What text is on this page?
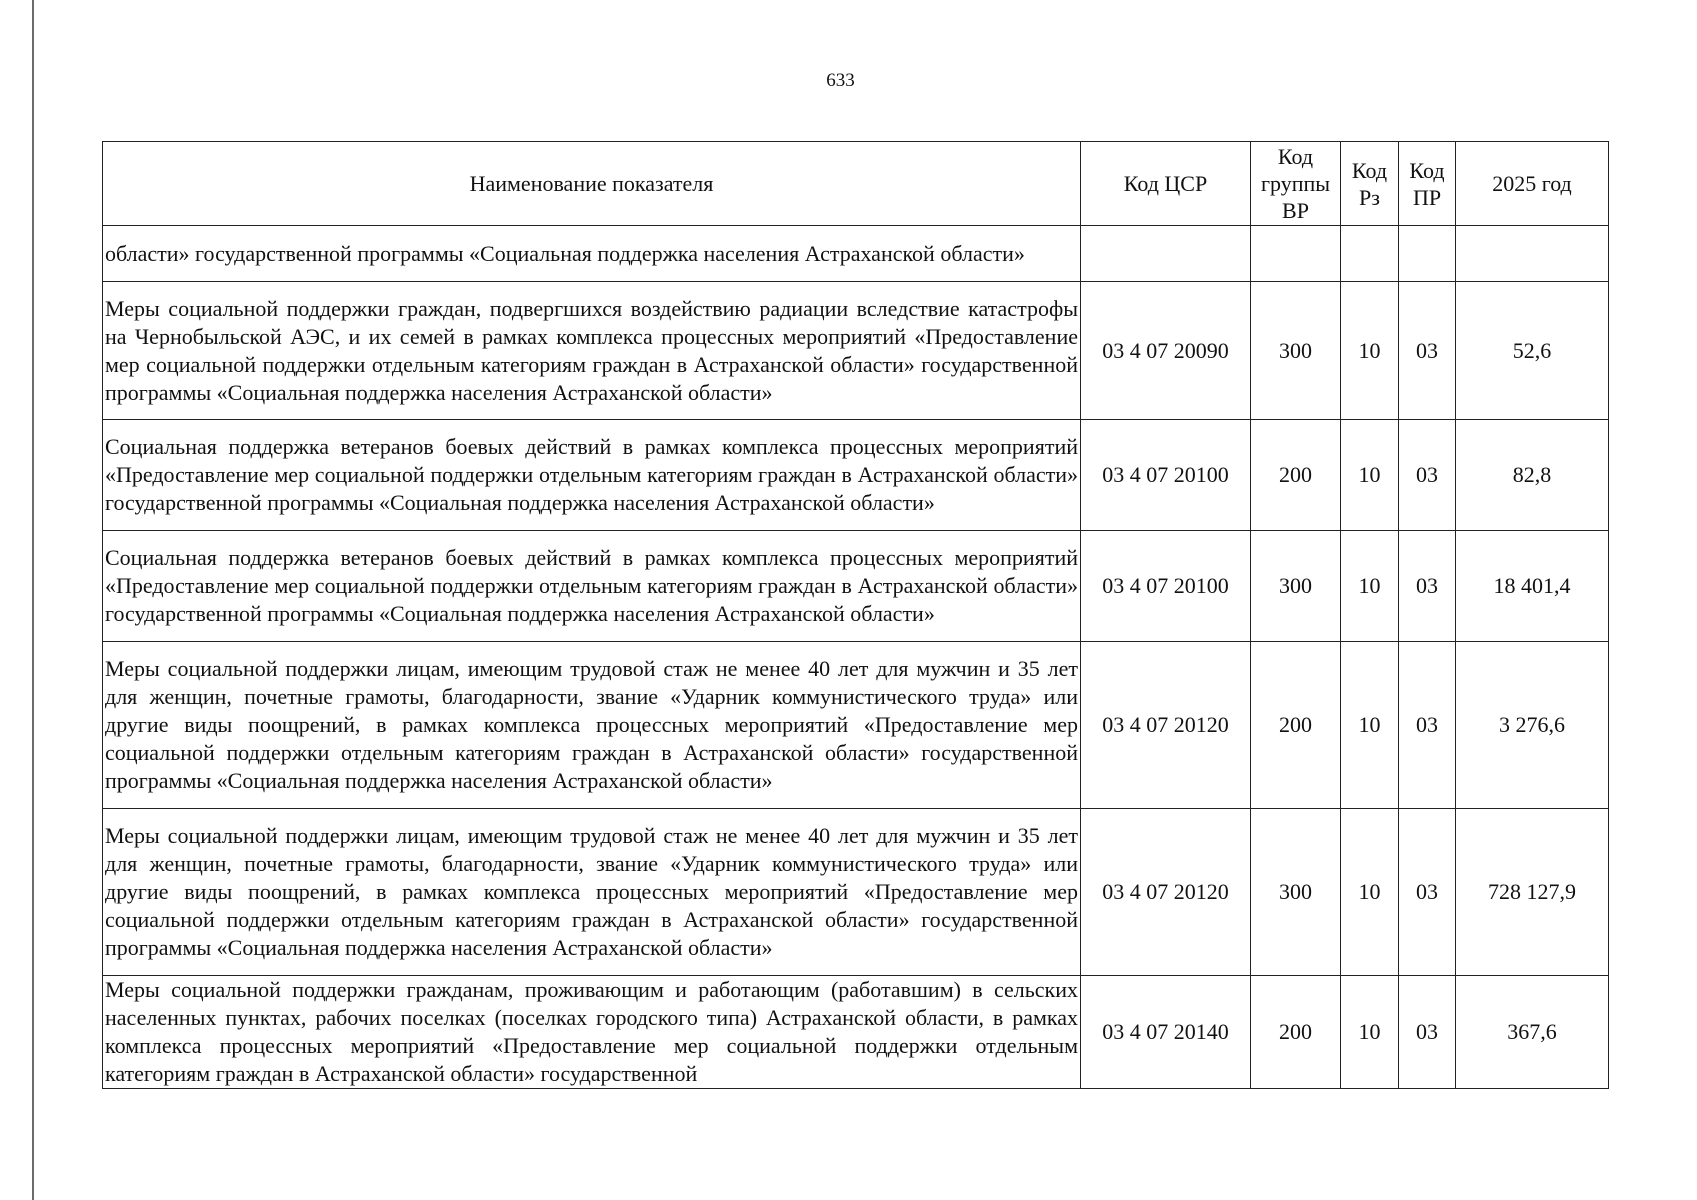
633
Наименование показателя	Код ЦСР	Код группы ВР	Код Рз	Код ПР	2025 год
области» государственной программы «Социальная поддержка населения Астраханской области»					
Меры социальной поддержки граждан, подвергшихся воздействию радиации вследствие катастрофы на Чернобыльской АЭС, и их семей в рамках комплекса процессных мероприятий «Предоставление мер социальной поддержки отдельным категориям граждан в Астраханской области» государственной программы «Социальная поддержка населения Астраханской области»	03 4 07 20090	300	10	03	52,6
Социальная поддержка ветеранов боевых действий в рамках комплекса процессных мероприятий «Предоставление мер социальной поддержки отдельным категориям граждан в Астраханской области» государственной программы «Социальная поддержка населения Астраханской области»	03 4 07 20100	200	10	03	82,8
Социальная поддержка ветеранов боевых действий в рамках комплекса процессных мероприятий «Предоставление мер социальной поддержки отдельным категориям граждан в Астраханской области» государственной программы «Социальная поддержка населения Астраханской области»	03 4 07 20100	300	10	03	18 401,4
Меры социальной поддержки лицам, имеющим трудовой стаж не менее 40 лет для мужчин и 35 лет для женщин, почетные грамоты, благодарности, звание «Ударник коммунистического труда» или другие виды поощрений, в рамках комплекса процессных мероприятий «Предоставление мер социальной поддержки отдельным категориям граждан в Астраханской области» государственной программы «Социальная поддержка населения Астраханской области»	03 4 07 20120	200	10	03	3 276,6
Меры социальной поддержки лицам, имеющим трудовой стаж не менее 40 лет для мужчин и 35 лет для женщин, почетные грамоты, благодарности, звание «Ударник коммунистического труда» или другие виды поощрений, в рамках комплекса процессных мероприятий «Предоставление мер социальной поддержки отдельным категориям граждан в Астраханской области» государственной программы «Социальная поддержка населения Астраханской области»	03 4 07 20120	300	10	03	728 127,9
Меры социальной поддержки гражданам, проживающим и работающим (работавшим) в сельских населенных пунктах, рабочих поселках (поселках городского типа) Астраханской области, в рамках комплекса процессных мероприятий «Предоставление мер социальной поддержки отдельным категориям граждан в Астраханской области» государственной	03 4 07 20140	200	10	03	367,6
